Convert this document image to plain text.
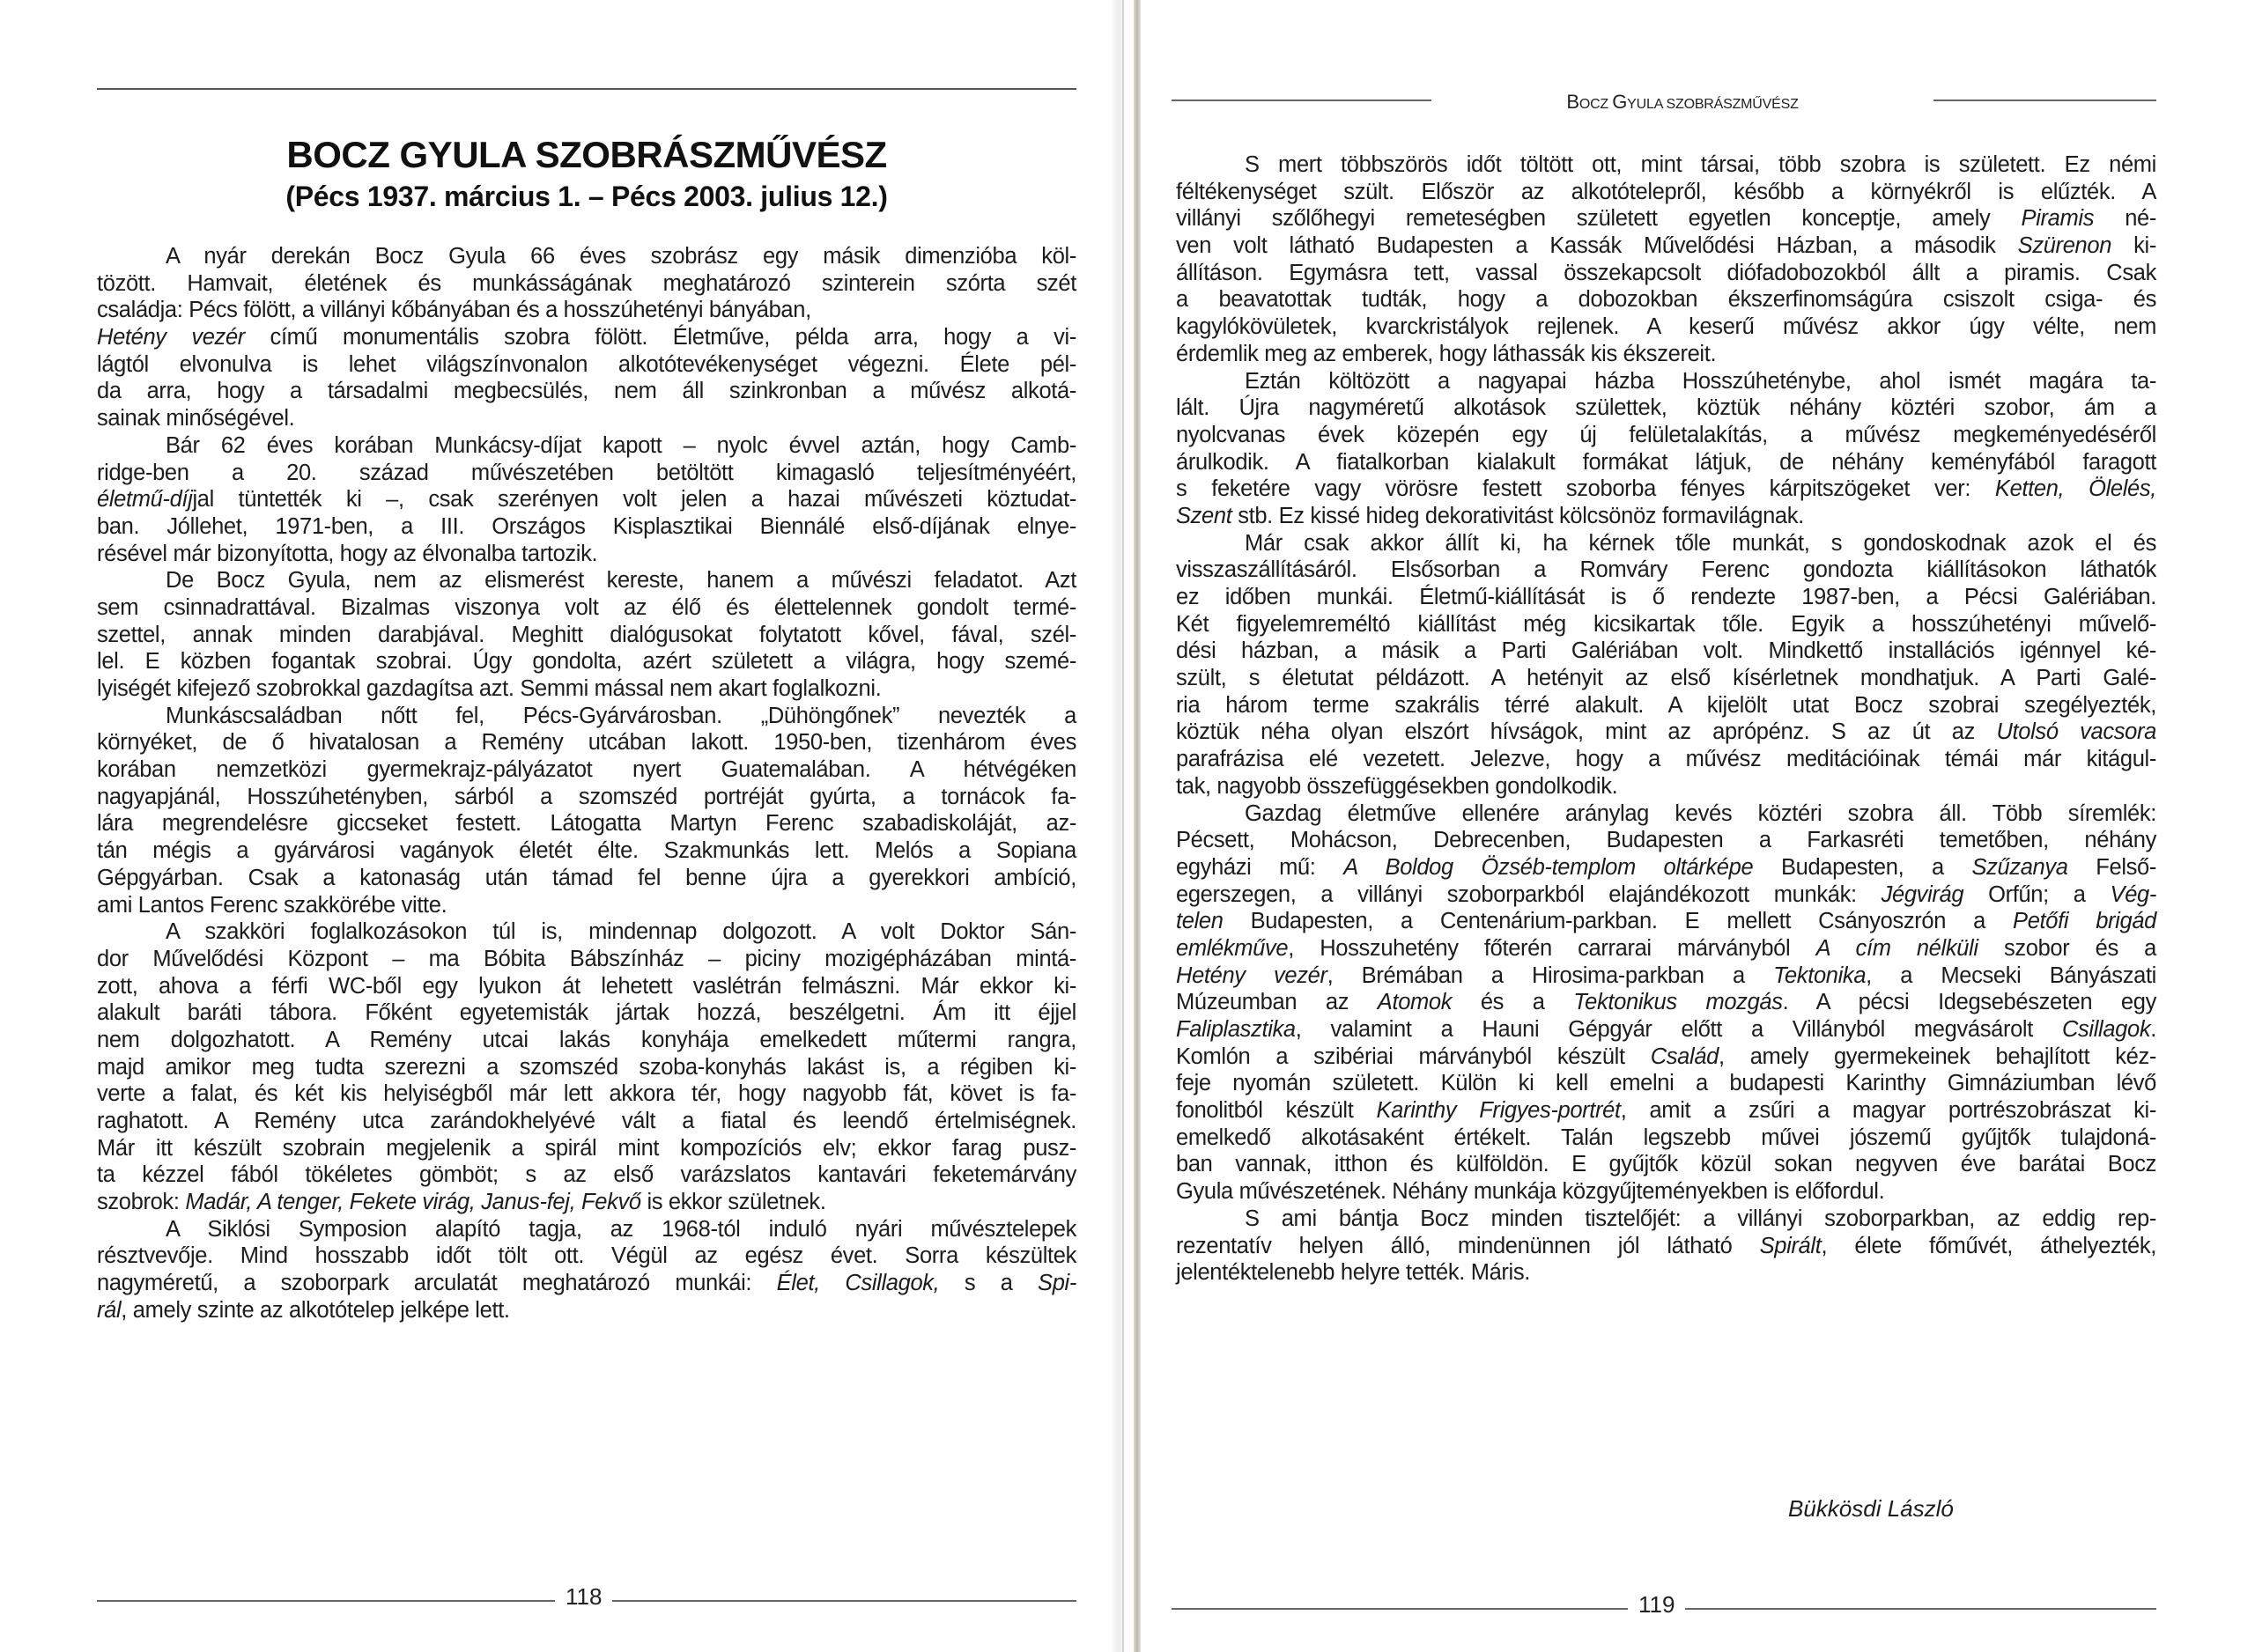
BOCZ GYULA SZOBRÁSZMŰVÉSZ
(Pécs 1937. március 1. – Pécs 2003. julius 12.)
A nyár derekán Bocz Gyula 66 éves szobrász egy másik dimenzióba köl-
tözött. Hamvait, életének és munkásságának meghatározó szinterein szórta szét
családja: Pécs fölött, a villányi kőbányában és a hosszúhetényi bányában,
Hetény vezér című monumentális szobra fölött. Életműve, példa arra, hogy a vi-
lágtól elvonulva is lehet világszínvonalon alkotótevékenységet végezni. Élete pél-
da arra, hogy a társadalmi megbecsülés, nem áll szinkronban a művész alkotá-
sainak minőségével.
Bár 62 éves korában Munkácsy-díjat kapott – nyolc évvel aztán, hogy Camb-
ridge-ben a 20. század művészetében betöltött kimagasló teljesítményéért,
életmű-díjjal tüntették ki –, csak szerényen volt jelen a hazai művészeti köztudat-
ban. Jóllehet, 1971-ben, a III. Országos Kisplasztikai Biennálé első-díjának elnye-
résével már bizonyította, hogy az élvonalba tartozik.
De Bocz Gyula, nem az elismerést kereste, hanem a művészi feladatot. Azt
sem csinnadrattával. Bizalmas viszonya volt az élő és élettelennek gondolt termé-
szettel, annak minden darabjával. Meghitt dialógusokat folytatott kővel, fával, szél-
lel. E közben fogantak szobrai. Úgy gondolta, azért született a világra, hogy szemé-
lyiségét kifejező szobrokkal gazdagítsa azt. Semmi mással nem akart foglalkozni.
Munkáscsaládban nőtt fel, Pécs-Gyárvárosban. „Dühöngőnek” nevezték a
környéket, de ő hivatalosan a Remény utcában lakott. 1950-ben, tizenhárom éves
korában nemzetközi gyermekrajz-pályázatot nyert Guatemalában. A hétvégéken
nagyapjánál, Hosszúhetényben, sárból a szomszéd portréját gyúrta, a tornácok fa-
lára megrendelésre giccseket festett. Látogatta Martyn Ferenc szabadiskoláját, az-
tán mégis a gyárvárosi vagányok életét élte. Szakmunkás lett. Melós a Sopiana
Gépgyárban. Csak a katonaság után támad fel benne újra a gyerekkori ambíció,
ami Lantos Ferenc szakkörébe vitte.
A szakköri foglalkozásokon túl is, mindennap dolgozott. A volt Doktor Sán-
dor Művelődési Központ – ma Bóbita Bábszínház – piciny mozigépházában mintá-
zott, ahova a férfi WC-ből egy lyukon át lehetett vaslétrán felmászni. Már ekkor ki-
alakult baráti tábora. Főként egyetemisták jártak hozzá, beszélgetni. Ám itt éjjel
nem dolgozhatott. A Remény utcai lakás konyhája emelkedett műtermi rangra,
majd amikor meg tudta szerezni a szomszéd szoba-konyhás lakást is, a régiben ki-
verte a falat, és két kis helyiségből már lett akkora tér, hogy nagyobb fát, követ is fa-
raghatott. A Remény utca zarándokhelyévé vált a fiatal és leendő értelmiségnek.
Már itt készült szobrain megjelenik a spirál mint kompozíciós elv; ekkor farag pusz-
ta kézzel fából tökéletes gömböt; s az első varázslatos kantavári feketemárvány
szobrok: Madár, A tenger, Fekete virág, Janus-fej, Fekvő is ekkor születnek.
A Siklósi Symposion alapító tagja, az 1968-tól induló nyári művésztelepek
résztvevője. Mind hosszabb időt tölt ott. Végül az egész évet. Sorra készültek
nagyméretű, a szoborpark arculatát meghatározó munkái: Élet, Csillagok, s a Spi-
rál, amely szinte az alkotótelep jelképe lett.
118
BOCZ GYULA SZOBRÁSZMŰVÉSZ
S mert többszörös időt töltött ott, mint társai, több szobra is született. Ez némi
féltékenységet szült. Először az alkotótelepről, később a környékről is elűzték. A
villányi szőlőhegyi remeteségben született egyetlen konceptje, amely Piramis né-
ven volt látható Budapesten a Kassák Művelődési Házban, a második Szürenon ki-
állításon. Egymásra tett, vassal összekapcsolt diófadobozokból állt a piramis. Csak
a beavatottak tudták, hogy a dobozokban ékszerfinomságúra csiszolt csiga- és
kagylókövületek, kvarckristályok rejlenek. A keserű művész akkor úgy vélte, nem
érdemlik meg az emberek, hogy láthassák kis ékszereit.
Eztán költözött a nagyapai házba Hosszúheténybe, ahol ismét magára ta-
lált. Újra nagyméretű alkotások születtek, köztük néhány köztéri szobor, ám a
nyolcvanas évek közepén egy új felületalakítás, a művész megkeményedéséről
árulkodik. A fiatalkorban kialakult formákat látjuk, de néhány keményfából faragott
s feketére vagy vörösre festett szoborba fényes kárpitszögeket ver: Ketten, Ölelés,
Szent stb. Ez kissé hideg dekorativitást kölcsönöz formavilágnak.
Már csak akkor állít ki, ha kérnek tőle munkát, s gondoskodnak azok el és
visszaszállításáról. Elsősorban a Romváry Ferenc gondozta kiállításokon láthatók
ez időben munkái. Életmű-kiállítását is ő rendezte 1987-ben, a Pécsi Galériában.
Két figyelemreméltó kiállítást még kicsikartak tőle. Egyik a hosszúhetényi művelő-
dési házban, a másik a Parti Galériában volt. Mindkettő installációs igénnyel ké-
szült, s életutat példázott. A hetényit az első kísérletnek mondhatjuk. A Parti Galé-
ria három terme szakrális térré alakult. A kijelölt utat Bocz szobrai szegélyezték,
köztük néha olyan elszórt hívságok, mint az aprópénz. S az út az Utolsó vacsora
parafrázisa elé vezetett. Jelezve, hogy a művész meditációinak témái már kitágul-
tak, nagyobb összefüggésekben gondolkodik.
Gazdag életműve ellenére aránylag kevés köztéri szobra áll. Több síremlék:
Pécsett, Mohácson, Debrecenben, Budapesten a Farkasréti temetőben, néhány
egyházi mű: A Boldog Özséb-templom oltárképe Budapesten, a Szűzanya Felső-
egerszegen, a villányi szoborparkból elajándékozott munkák: Jégvirág Orfűn; a Vég-
telen Budapesten, a Centenárium-parkban. E mellett Csányoszrón a Petőfi brigád
emlékműve, Hosszuhetény főterén carrarai márványból A cím nélküli szobor és a
Hetény vezér, Brémában a Hirosima-parkban a Tektonika, a Mecseki Bányászati
Múzeumban az Atomok és a Tektonikus mozgás. A pécsi Idegsebészeten egy
Faliplasztika, valamint a Hauni Gépgyár előtt a Villányból megvásárolt Csillagok.
Komlón a szibériai márványból készült Család, amely gyermekeinek behajlított kéz-
feje nyomán született. Külön ki kell emelni a budapesti Karinthy Gimnáziumban lévő
fonolitból készült Karinthy Frigyes-portrét, amit a zsűri a magyar portrészobrászat ki-
emelkedő alkotásaként értékelt. Talán legszebb művei jószemű gyűjtők tulajdoná-
ban vannak, itthon és külföldön. E gyűjtők közül sokan negyven éve barátai Bocz
Gyula művészetének. Néhány munkája közgyűjteményekben is előfordul.
S ami bántja Bocz minden tisztelőjét: a villányi szoborparkban, az eddig rep-
rezentatív helyen álló, mindenünnen jól látható Spirált, élete főművét, áthelyezték,
jelentéktelenebb helyre tették. Máris.
Bükkösdi László
119
